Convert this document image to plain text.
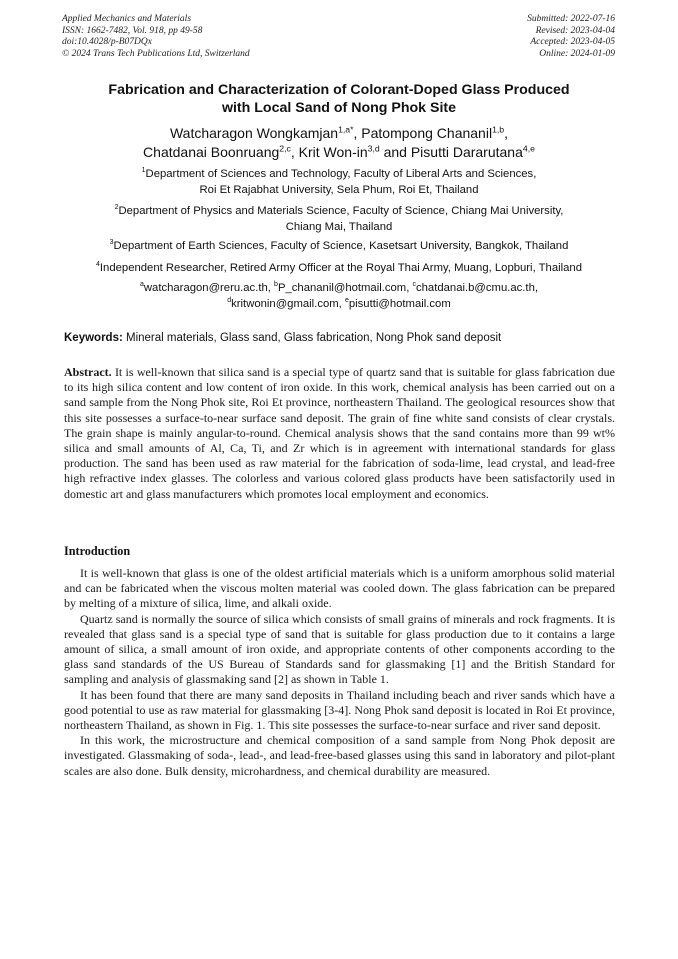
Applied Mechanics and Materials
ISSN: 1662-7482, Vol. 918, pp 49-58
doi:10.4028/p-B07DQx
© 2024 Trans Tech Publications Ltd, Switzerland
Submitted: 2022-07-16
Revised: 2023-04-04
Accepted: 2023-04-05
Online: 2024-01-09
Fabrication and Characterization of Colorant-Doped Glass Produced
with Local Sand of Nong Phok Site
Watcharagon Wongkamjan$^{1,a*}$, Patompong Chananil$^{1,b}$,
Chatdanai Boonruang$^{2,c}$, Krit Won-in$^{3,d}$ and Pisutti Dararutana$^{4,e}$
$^1$Department of Sciences and Technology, Faculty of Liberal Arts and Sciences,
Roi Et Rajabhat University, Sela Phum, Roi Et, Thailand
$^2$Department of Physics and Materials Science, Faculty of Science, Chiang Mai University,
Chiang Mai, Thailand
$^3$Department of Earth Sciences, Faculty of Science, Kasetsart University, Bangkok, Thailand
$^4$Independent Researcher, Retired Army Officer at the Royal Thai Army, Muang, Lopburi, Thailand
$^a$watcharagon@reru.ac.th, $^b$P_chananil@hotmail.com, $^c$chatdanai.b@cmu.ac.th,
$^d$kritwonin@gmail.com, $^e$pisutti@hotmail.com
Keywords: Mineral materials, Glass sand, Glass fabrication, Nong Phok sand deposit
Abstract. It is well-known that silica sand is a special type of quartz sand that is suitable for glass fabrication due to its high silica content and low content of iron oxide. In this work, chemical analysis has been carried out on a sand sample from the Nong Phok site, Roi Et province, northeastern Thailand. The geological resources show that this site possesses a surface-to-near surface sand deposit. The grain of fine white sand consists of clear crystals. The grain shape is mainly angular-to-round. Chemical analysis shows that the sand contains more than 99 wt% silica and small amounts of Al, Ca, Ti, and Zr which is in agreement with international standards for glass production. The sand has been used as raw material for the fabrication of soda-lime, lead crystal, and lead-free high refractive index glasses. The colorless and various colored glass products have been satisfactorily used in domestic art and glass manufacturers which promotes local employment and economics.
Introduction

It is well-known that glass is one of the oldest artificial materials which is a uniform amorphous solid material and can be fabricated when the viscous molten material was cooled down. The glass fabrication can be prepared by melting of a mixture of silica, lime, and alkali oxide.

Quartz sand is normally the source of silica which consists of small grains of minerals and rock fragments. It is revealed that glass sand is a special type of sand that is suitable for glass production due to it contains a large amount of silica, a small amount of iron oxide, and appropriate contents of other components according to the glass sand standards of the US Bureau of Standards sand for glassmaking [1] and the British Standard for sampling and analysis of glassmaking sand [2] as shown in Table 1.

It has been found that there are many sand deposits in Thailand including beach and river sands which have a good potential to use as raw material for glassmaking [3-4]. Nong Phok sand deposit is located in Roi Et province, northeastern Thailand, as shown in Fig. 1. This site possesses the surface-to-near surface and river sand deposit.

In this work, the microstructure and chemical composition of a sand sample from Nong Phok deposit are investigated. Glassmaking of soda-, lead-, and lead-free-based glasses using this sand in laboratory and pilot-plant scales are also done. Bulk density, microhardness, and chemical durability are measured.
